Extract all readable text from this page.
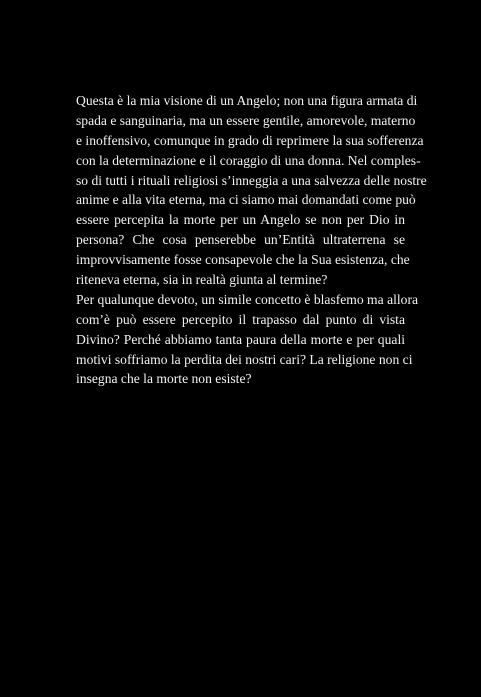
Questa è la mia visione di un Angelo; non una figura armata di
spada e sanguinaria, ma un essere gentile, amorevole, materno
e inoffensivo, comunque in grado di reprimere la sua sofferenza
con la determinazione e il coraggio di una donna. Nel comples-
so di tutti i rituali religiosi s’inneggia a una salvezza delle nostre
anime e alla vita eterna, ma ci siamo mai domandati come può
essere percepita la morte per un Angelo se non per Dio in
persona? Che cosa penserebbe un’Entità ultraterrena se
improvvisamente fosse consapevole che la Sua esistenza, che
riteneva eterna, sia in realtà giunta al termine?
Per qualunque devoto, un simile concetto è blasfemo ma allora
com’è può essere percepito il trapasso dal punto di vista
Divino? Perché abbiamo tanta paura della morte e per quali
motivi soffriamo la perdita dei nostri cari? La religione non ci
insegna che la morte non esiste?
